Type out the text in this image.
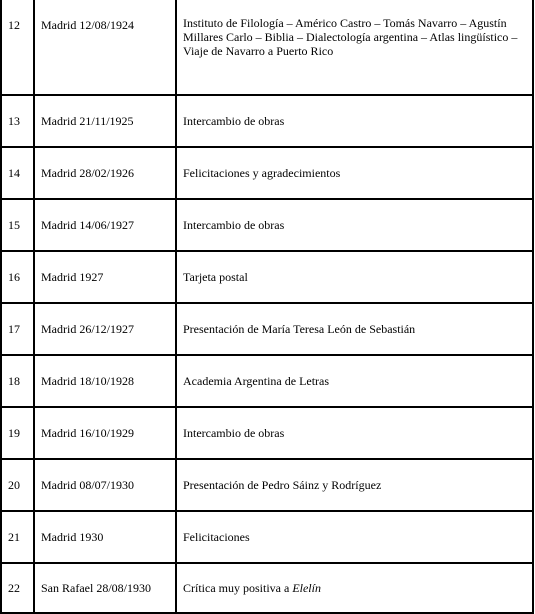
12	Madrid 12/08/1924	Instituto de Filología – Américo Castro – Tomás Navarro – Agustín Millares Carlo – Biblia – Dialectología argentina – Atlas lingüístico – Viaje de Navarro a Puerto Rico
13	Madrid 21/11/1925	Intercambio de obras
14	Madrid 28/02/1926	Felicitaciones y agradecimientos
15	Madrid 14/06/1927	Intercambio de obras
16	Madrid 1927	Tarjeta postal
17	Madrid 26/12/1927	Presentación de María Teresa León de Sebastián
18	Madrid 18/10/1928	Academia Argentina de Letras
19	Madrid 16/10/1929	Intercambio de obras
20	Madrid 08/07/1930	Presentación de Pedro Sáinz y Rodríguez
21	Madrid 1930	Felicitaciones
22	San Rafael 28/08/1930	Crítica muy positiva a Elelín
